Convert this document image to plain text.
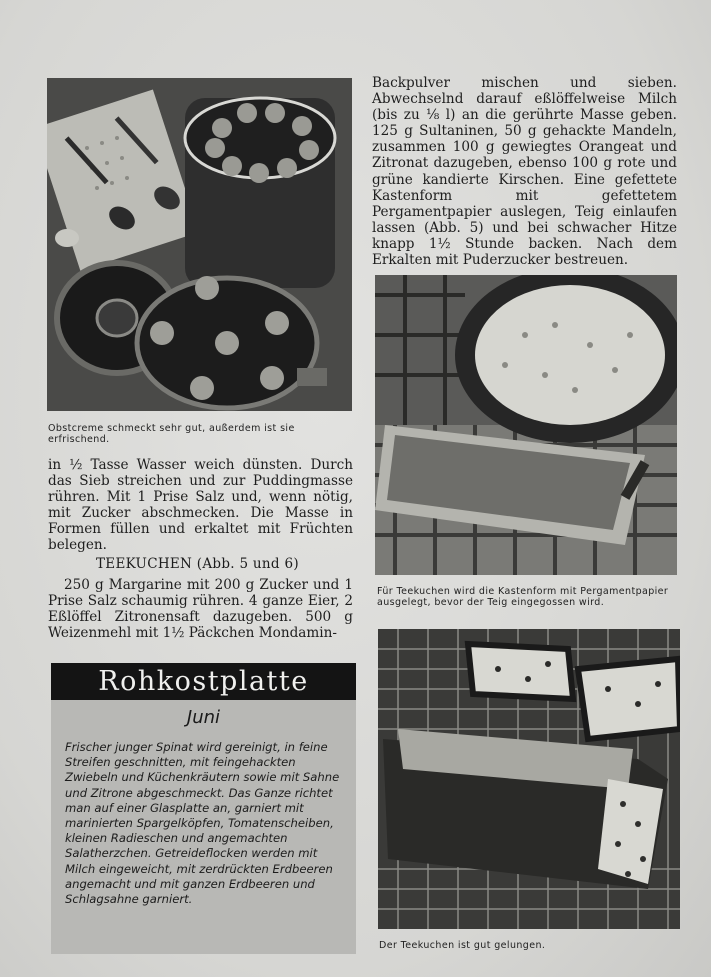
Obstcreme schmeckt sehr gut, außerdem ist sie erfrischend.

in ½ Tasse Wasser weich dünsten. Durch das Sieb streichen und zur Puddingmasse rühren. Mit 1 Prise Salz und, wenn nötig, mit Zucker abschmecken. Die Masse in Formen füllen und erkaltet mit Früchten belegen.

TEEKUCHEN (Abb. 5 und 6)

250 g Margarine mit 200 g Zucker und 1 Prise Salz schaumig rühren. 4 ganze Eier, 2 Eßlöffel Zitronensaft dazugeben. 500 g Weizenmehl mit 1½ Päckchen Mondamin-

Rohkostplatte
Juni
Frischer junger Spinat wird gereinigt, in feine Streifen geschnitten, mit feingehackten Zwiebeln und Küchenkräutern sowie mit Sahne und Zitrone abgeschmeckt. Das Ganze richtet man auf einer Glasplatte an, garniert mit marinierten Spargelköpfen, Tomatenscheiben, kleinen Radieschen und angemachten Salatherzchen. Getreideflocken werden mit Milch eingeweicht, mit zerdrückten Erdbeeren angemacht und mit ganzen Erdbeeren und Schlagsahne garniert.

Backpulver mischen und sieben. Abwechselnd darauf eßlöffelweise Milch (bis zu ⅛ l) an die gerührte Masse geben. 125 g Sultaninen, 50 g gehackte Mandeln, zusammen 100 g gewiegtes Orangeat und Zitronat dazugeben, ebenso 100 g rote und grüne kandierte Kirschen. Eine gefettete Kastenform mit gefettetem Pergamentpapier auslegen, Teig einlaufen lassen (Abb. 5) und bei schwacher Hitze knapp 1½ Stunde backen. Nach dem Erkalten mit Puderzucker bestreuen.

Für Teekuchen wird die Kastenform mit Pergamentpapier ausgelegt, bevor der Teig eingegossen wird.
Der Teekuchen ist gut gelungen.
